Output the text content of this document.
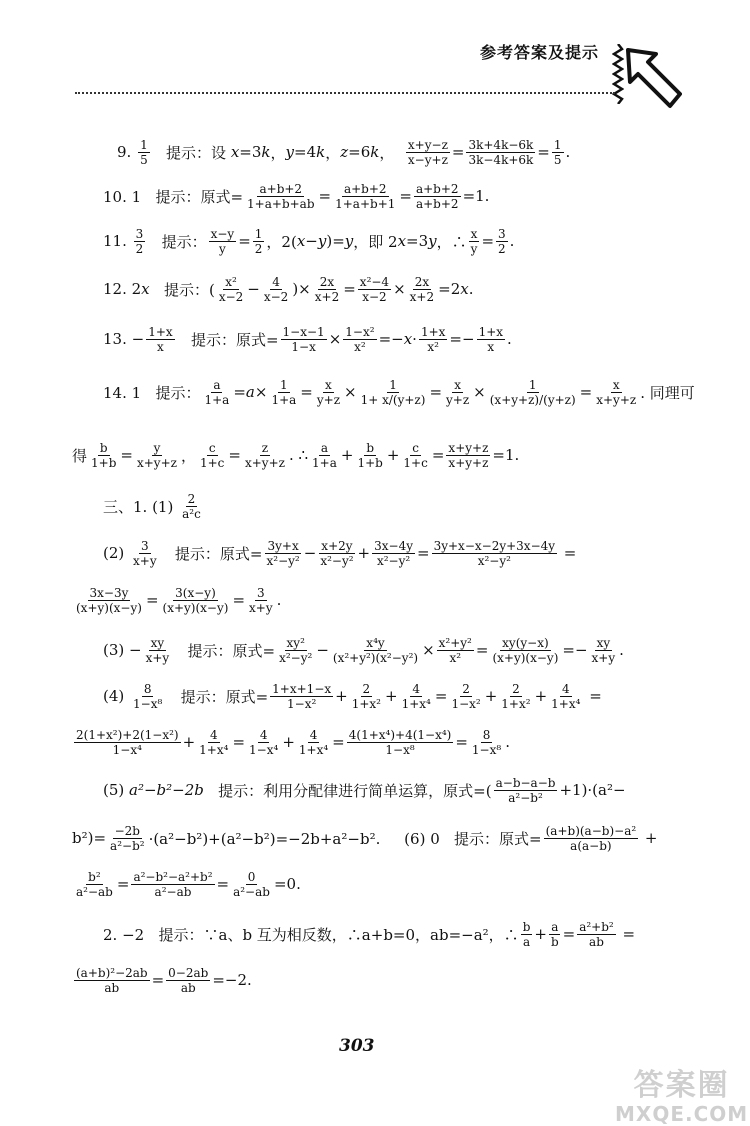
参考答案及提示
9. $\frac{1}{5}$ 提示：设 x =3 k ， y =4 k ， z =6 k ， $\frac{x+y-z}{x-y+z} = \frac{3k+4k-6k}{3k-4k+6k} = \frac{1}{5}$ .
10. 1   提示：原式= $\frac{a+b+2}{1+a+b+ab} = \frac{a+b+2}{1+a+b+1} = \frac{a+b+2}{a+b+2} =1$.
11. $\frac{3}{2}$ 提示： $\frac{x-y}{y} = \frac{1}{2}$ ，2( x − y )= y ，即 2 x =3 y ，∴ $\frac{x}{y} = \frac{3}{2}$ .
12. 2 x 提示：( $\frac{\text{x²}}{x-2} - \frac{4}{x-2}$ )× $\frac{2x}{x+2} = \frac{\text{x²−4}}{x-2} \times \frac{2x}{x+2} =2$ x .
13. − $\frac{1+x}{x}$ 提示：原式= $\frac{1-x-1}{1-x} \times \frac{\text{1−x²}}{\text{x²}} =- x \cdot \frac{1+x}{\text{x²}} =- \frac{1+x}{x}$ .
14. 1   提示： $\frac{a}{1+a} = a \times \frac{1}{1+a} = \frac{x}{y+z} \times \frac{1}{1+ x/(y+z)} = \frac{x}{y+z} \times \frac{1}{(x+y+z)/(y+z)} = \frac{x}{x+y+z}$ . 同理可
得 $\frac{b}{1+b} = \frac{y}{x+y+z}$ ， $\frac{c}{1+c} = \frac{z}{x+y+z}$ . ∴ $\frac{a}{1+a} + \frac{b}{1+b} + \frac{c}{1+c} = \frac{x+y+z}{x+y+z} =1$.
三、1. $(1) \frac{2}{\text{a²c}}$
$(2) \frac{3}{x+y}$ 提示：原式= $\frac{3y+x}{\text{x²−y²}} - \frac{x+2y}{\text{x²−y²}} + \frac{3x-4y}{\text{x²−y²}} = \frac{3y+x-x-2y+3x-4y}{\text{x²−y²}}$ =
$\frac{3x-3y}{(x+y)(x-y)} = \frac{3(x-y)}{(x+y)(x-y)} = \frac{3}{x+y}$ .
$(3) - \frac{xy}{x+y}$ 提示：原式= $\frac{\text{xy²}}{\text{x²−y²}} - \frac{\text{x⁴y}}{\text{(x²+y²)(x²−y²)}} \times \frac{\text{x²+y²}}{\text{x²}} = \frac{xy(y-x)}{(x+y)(x-y)} =- \frac{xy}{x+y}$ .
$(4) \frac{8}{\text{1−x⁸}}$ 提示：原式= $\frac{1+x+1-x}{\text{1−x²}} + \frac{2}{\text{1+x²}} + \frac{4}{\text{1+x⁴}} = \frac{2}{\text{1−x²}} + \frac{2}{\text{1+x²}} + \frac{4}{\text{1+x⁴}}$ =
$\frac{\text{2(1+x²)+2(1−x²)}}{\text{1−x⁴}} + \frac{4}{\text{1+x⁴}} = \frac{4}{\text{1−x⁴}} + \frac{4}{\text{1+x⁴}} = \frac{\text{4(1+x⁴)+4(1−x⁴)}}{\text{1−x⁸}} = \frac{8}{\text{1−x⁸}}$ .
(5) a²−b²−2b 提示：利用分配律进行简单运算，原式=( $\frac{a-b-a-b}{\text{a²−b²}} +1)\cdot(a^2-$
$b^2)= \frac{-2b}{\text{a²−b²}} \cdot(a^2-b^2)+(a^2-b^2)=-2b+a^2-b^2$.     (6) 0   提示：原式= $\frac{\text{(a+b)(a−b)−a²}}{a(a-b)}$ +
$\frac{\text{b²}}{\text{a²−ab}} = \frac{\text{a²−b²−a²+b²}}{\text{a²−ab}} = \frac{0}{\text{a²−ab}} =0$.
2. −2   提示：∵a、b 互为相反数，∴a+b=0，ab=−a²，∴ $\frac{b}{a} + \frac{a}{b} = \frac{\text{a²+b²}}{ab}$ =
$\frac{\text{(a+b)²−2ab}}{ab} = \frac{0-2ab}{ab} =-2$.
303
答案圈
MXQE.COM
